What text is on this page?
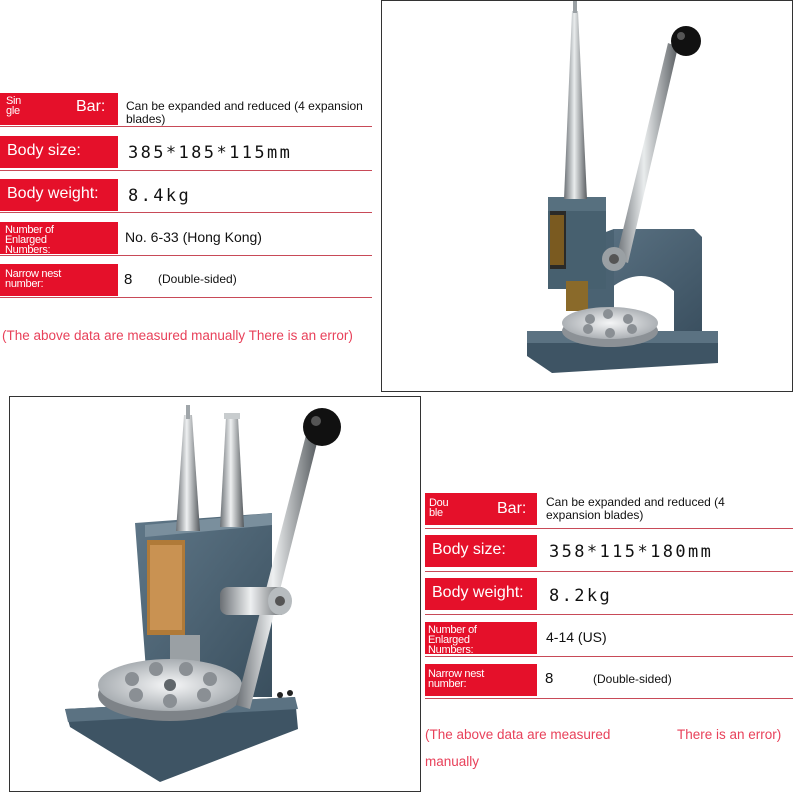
Sin
gle	Bar: Can be expanded and reduced (4 expansion blades)
Body size:	385*185*115mm
Body weight: 8.4kg
Number of Enlarged Numbers:
No. 6-33 (Hong Kong)
Narrow nest number:	8 (Double-sided)
(The above data are measured manually There is an error)
Dou
ble	Bar: Can be expanded and reduced (4 expansion blades)
Body size:	358*115*180mm
Body weight: 8.2kg
Number of Enlarged Numbers:
4-14 (US)
Narrow nest number:	8	(Double-sided)
(The above data are measured	There is an error)
manually
